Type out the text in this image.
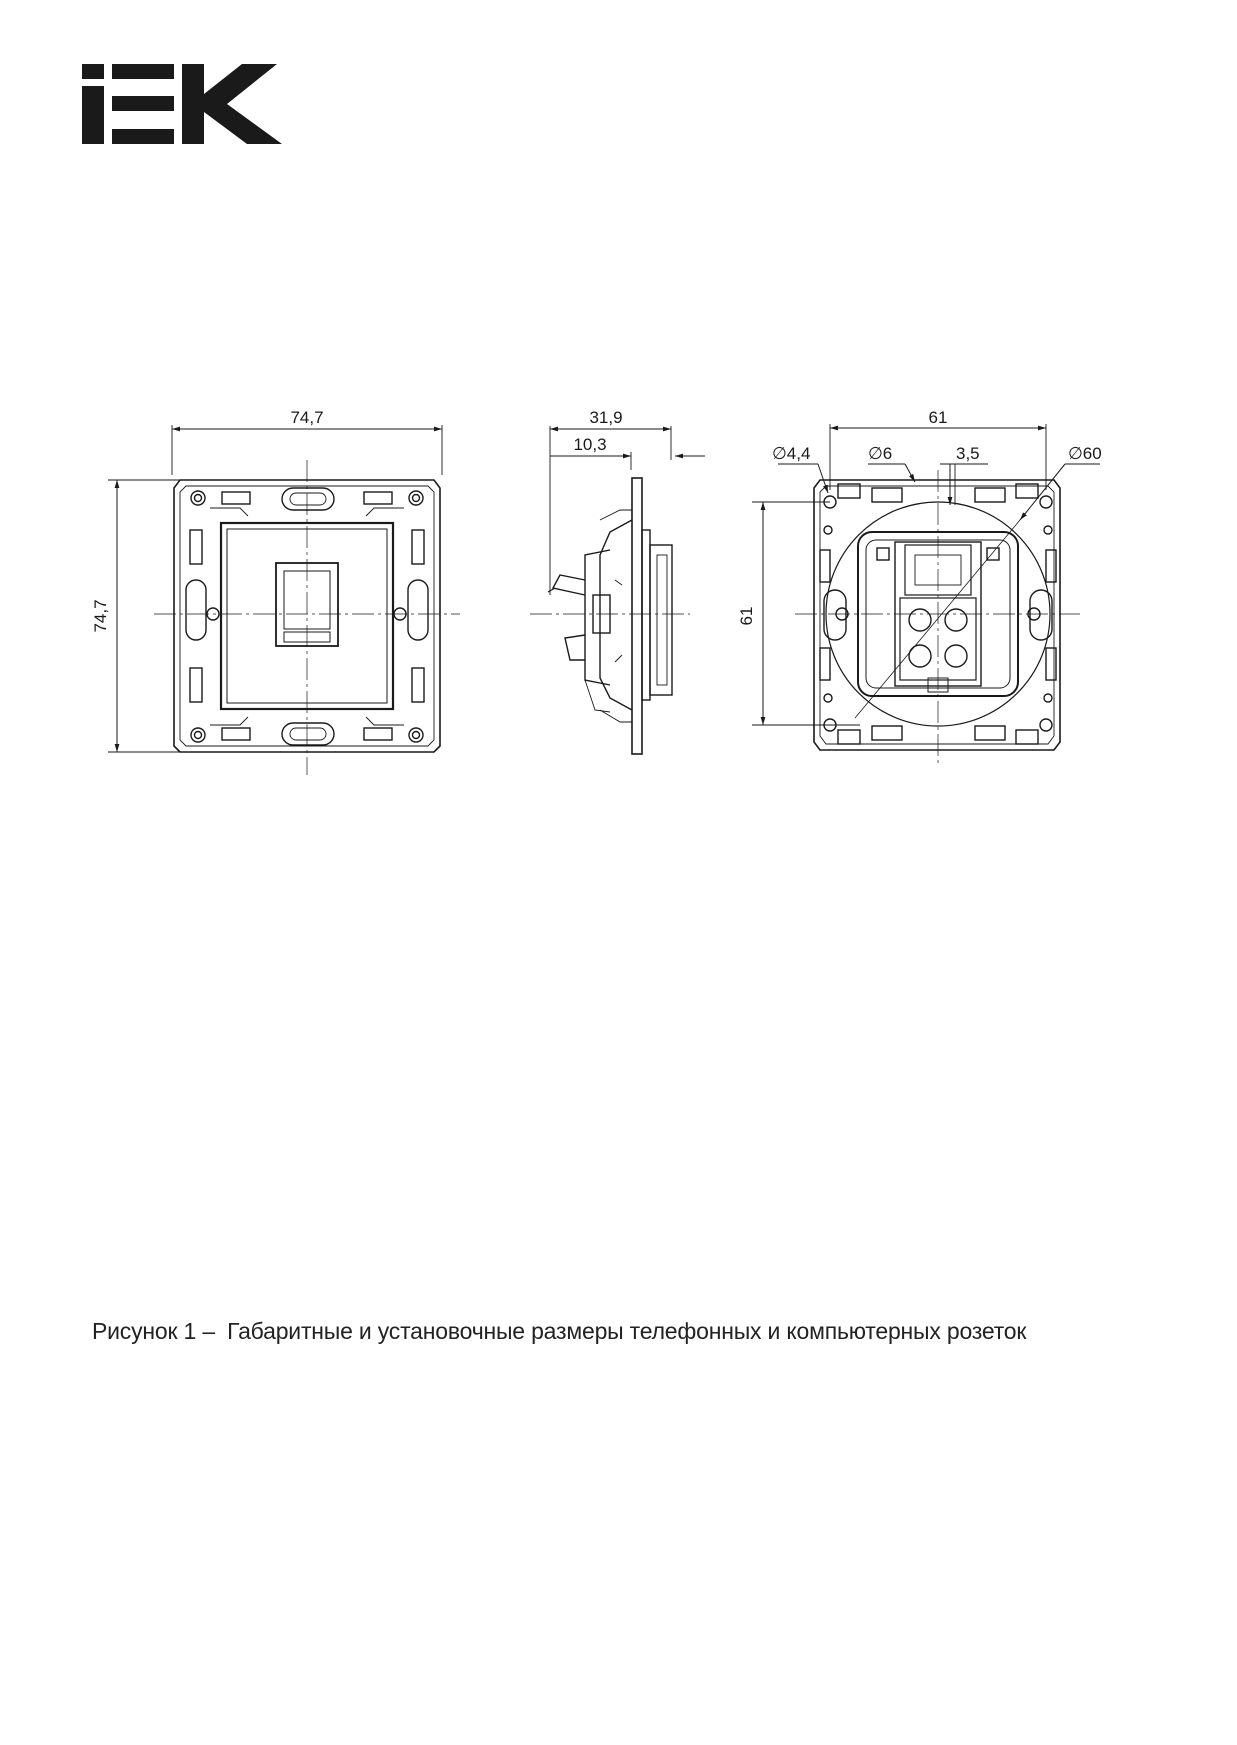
74,7
74,7
31,9
10,3
61
61
∅4,4	∅6	3,5	∅60
Рисунок 1 – Габаритные и установочные размеры телефонных и компьютерных розеток
